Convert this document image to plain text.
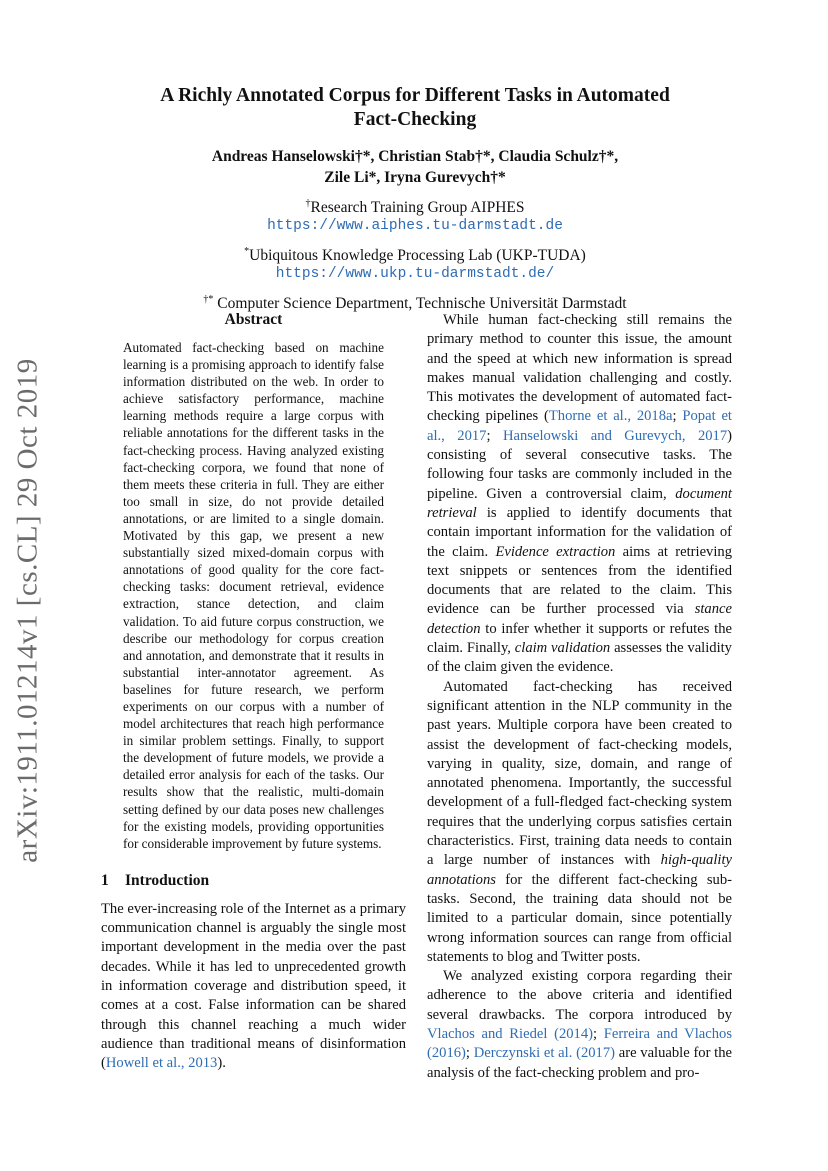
arXiv:1911.01214v1 [cs.CL] 29 Oct 2019
A Richly Annotated Corpus for Different Tasks in Automated
Fact-Checking
Andreas Hanselowski†*, Christian Stab†*, Claudia Schulz†*,
Zile Li*, Iryna Gurevych†*
†Research Training Group AIPHES
https://www.aiphes.tu-darmstadt.de
*Ubiquitous Knowledge Processing Lab (UKP-TUDA)
https://www.ukp.tu-darmstadt.de/
†* Computer Science Department, Technische Universität Darmstadt
Abstract
Automated fact-checking based on machine learning is a promising approach to identify false information distributed on the web. In order to achieve satisfactory performance, machine learning methods require a large corpus with reliable annotations for the different tasks in the fact-checking process. Having analyzed existing fact-checking corpora, we found that none of them meets these criteria in full. They are either too small in size, do not provide detailed annotations, or are limited to a single domain. Motivated by this gap, we present a new substantially sized mixed-domain corpus with annotations of good quality for the core fact-checking tasks: document retrieval, evidence extraction, stance detection, and claim validation. To aid future corpus construction, we describe our methodology for corpus creation and annotation, and demonstrate that it results in substantial inter-annotator agreement. As baselines for future research, we perform experiments on our corpus with a number of model architectures that reach high performance in similar problem settings. Finally, to support the development of future models, we provide a detailed error analysis for each of the tasks. Our results show that the realistic, multi-domain setting defined by our data poses new challenges for the existing models, providing opportunities for considerable improvement by future systems.
1 Introduction

The ever-increasing role of the Internet as a primary communication channel is arguably the single most important development in the media over the past decades. While it has led to unprecedented growth in information coverage and distribution speed, it comes at a cost. False information can be shared through this channel reaching a much wider audience than traditional means of disinformation (Howell et al., 2013).

While human fact-checking still remains the primary method to counter this issue, the amount and the speed at which new information is spread makes manual validation challenging and costly. This motivates the development of automated fact-checking pipelines (Thorne et al., 2018a; Popat et al., 2017; Hanselowski and Gurevych, 2017) consisting of several consecutive tasks. The following four tasks are commonly included in the pipeline. Given a controversial claim, document retrieval is applied to identify documents that contain important information for the validation of the claim. Evidence extraction aims at retrieving text snippets or sentences from the identified documents that are related to the claim. This evidence can be further processed via stance detection to infer whether it supports or refutes the claim. Finally, claim validation assesses the validity of the claim given the evidence.

Automated fact-checking has received significant attention in the NLP community in the past years. Multiple corpora have been created to assist the development of fact-checking models, varying in quality, size, domain, and range of annotated phenomena. Importantly, the successful development of a full-fledged fact-checking system requires that the underlying corpus satisfies certain characteristics. First, training data needs to contain a large number of instances with high-quality annotations for the different fact-checking sub-tasks. Second, the training data should not be limited to a particular domain, since potentially wrong information sources can range from official statements to blog and Twitter posts.

We analyzed existing corpora regarding their adherence to the above criteria and identified several drawbacks. The corpora introduced by Vlachos and Riedel (2014); Ferreira and Vlachos (2016); Derczynski et al. (2017) are valuable for the analysis of the fact-checking problem and pro-
